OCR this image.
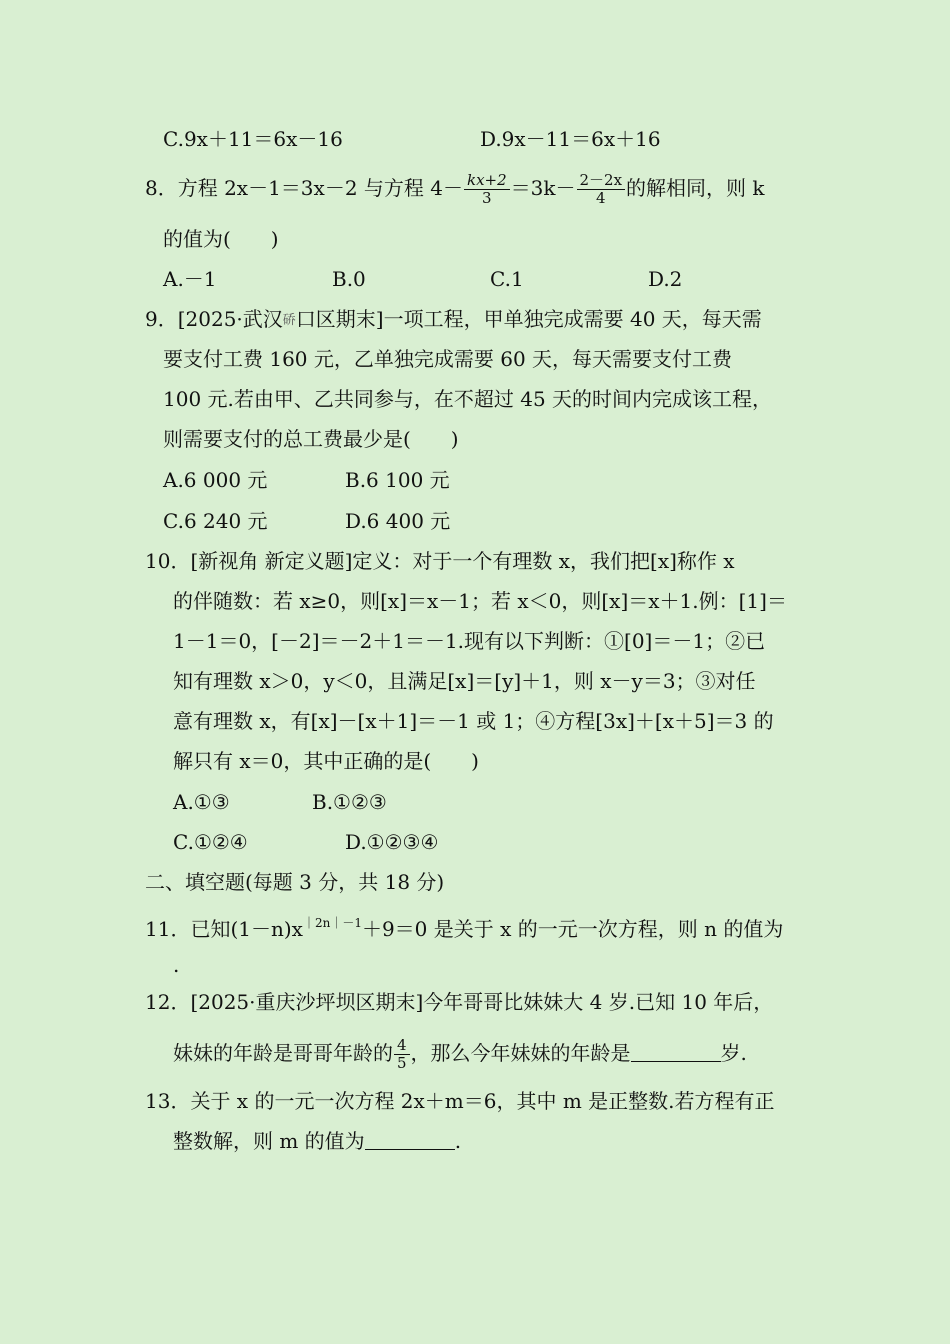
C.9x＋11＝6x－16	D.9x－11＝6x＋16
8．方程 2x－1＝3x－2 与方程 $4- \frac{kx+2}{3} =3k- \frac{2-2x}{4}$ 的解相同，则 k
的值为(　　)
A.－1	B.0	C.1	D.2
9．[2025·武汉硚口区期末]一项工程，甲单独完成需要 40 天，每天需
要支付工费 160 元，乙单独完成需要 60 天，每天需要支付工费
100 元.若由甲、乙共同参与，在不超过 45 天的时间内完成该工程，
则需要支付的总工费最少是(　　)
A.6 000 元	B.6 100 元
C.6 240 元	D.6 400 元
10．[新视角 新定义题]定义：对于一个有理数 x，我们把[x]称作 x
的伴随数：若 x≥0，则[x]＝x－1；若 x＜0，则[x]＝x＋1.例：[1]＝
1－1＝0，[－2]＝－2＋1＝－1.现有以下判断：①[0]＝－1；②已
知有理数 x＞0，y＜0，且满足[x]＝[y]＋1，则 x－y＝3；③对任
意有理数 x，有[x]－[x＋1]＝－1 或 1；④方程[3x]＋[x＋5]＝3 的
解只有 x＝0，其中正确的是(　　)
A.①③	B.①②③
C.①②④	D.①②③④
二、填空题(每题 3 分，共 18 分)
11．已知$(1-n)x^{|2n|-1}+9=0$ 是关于 x 的一元一次方程，则 n 的值为
.
12．[2025·重庆沙坪坝区期末]今年哥哥比妹妹大 4 岁.已知 10 年后，
妹妹的年龄是哥哥年龄的 $\frac{4}{5}$ ，那么今年妹妹的年龄是	岁.
13．关于 x 的一元一次方程 2x＋m＝6，其中 m 是正整数.若方程有正
整数解，则 m 的值为	.
